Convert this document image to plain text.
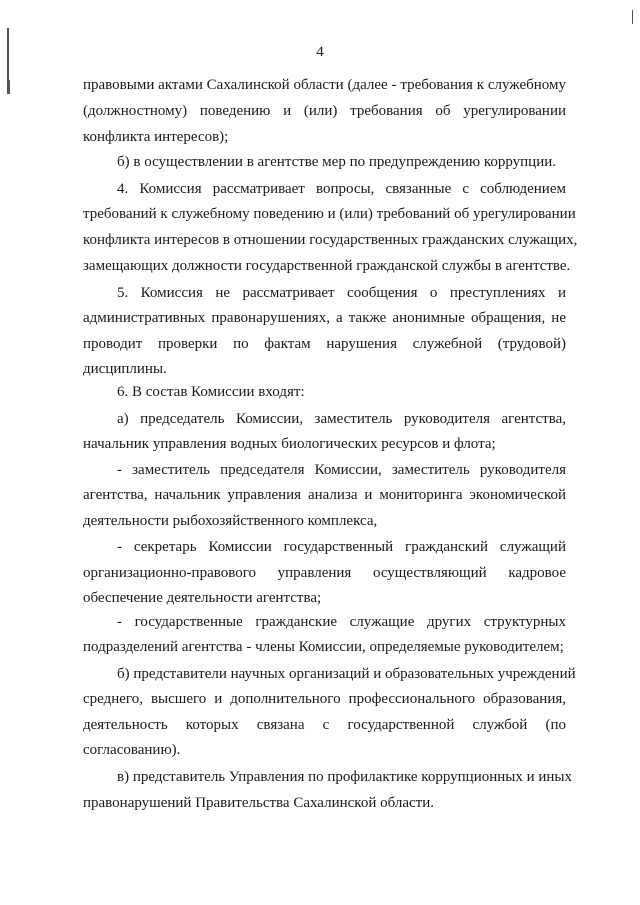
4
правовыми актами Сахалинской области (далее - требования к служебному
(должностному) поведению и (или) требования об урегулировании
конфликта интересов);
б) в осуществлении в агентстве мер по предупреждению коррупции.
4. Комиссия рассматривает вопросы, связанные с соблюдением
требований к служебному поведению и (или) требований об урегулировании
конфликта интересов в отношении государственных гражданских служащих,
замещающих должности государственной гражданской службы в агентстве.
5. Комиссия не рассматривает сообщения о преступлениях и
административных правонарушениях, а также анонимные обращения, не
проводит проверки по фактам нарушения служебной (трудовой)
дисциплины.
6. В состав Комиссии входят:
а) председатель Комиссии, заместитель руководителя агентства,
начальник управления водных биологических ресурсов и флота;
- заместитель председателя Комиссии, заместитель руководителя
агентства, начальник управления анализа и мониторинга экономической
деятельности рыбохозяйственного комплекса,
- секретарь Комиссии государственный гражданский служащий
организационно-правового управления осуществляющий кадровое
обеспечение деятельности агентства;
- государственные гражданские служащие других структурных
подразделений агентства - члены Комиссии, определяемые руководителем;
б) представители научных организаций и образовательных учреждений
среднего, высшего и дополнительного профессионального образования,
деятельность которых связана с государственной службой (по
согласованию).
в) представитель Управления по профилактике коррупционных и иных
правонарушений Правительства Сахалинской области.
